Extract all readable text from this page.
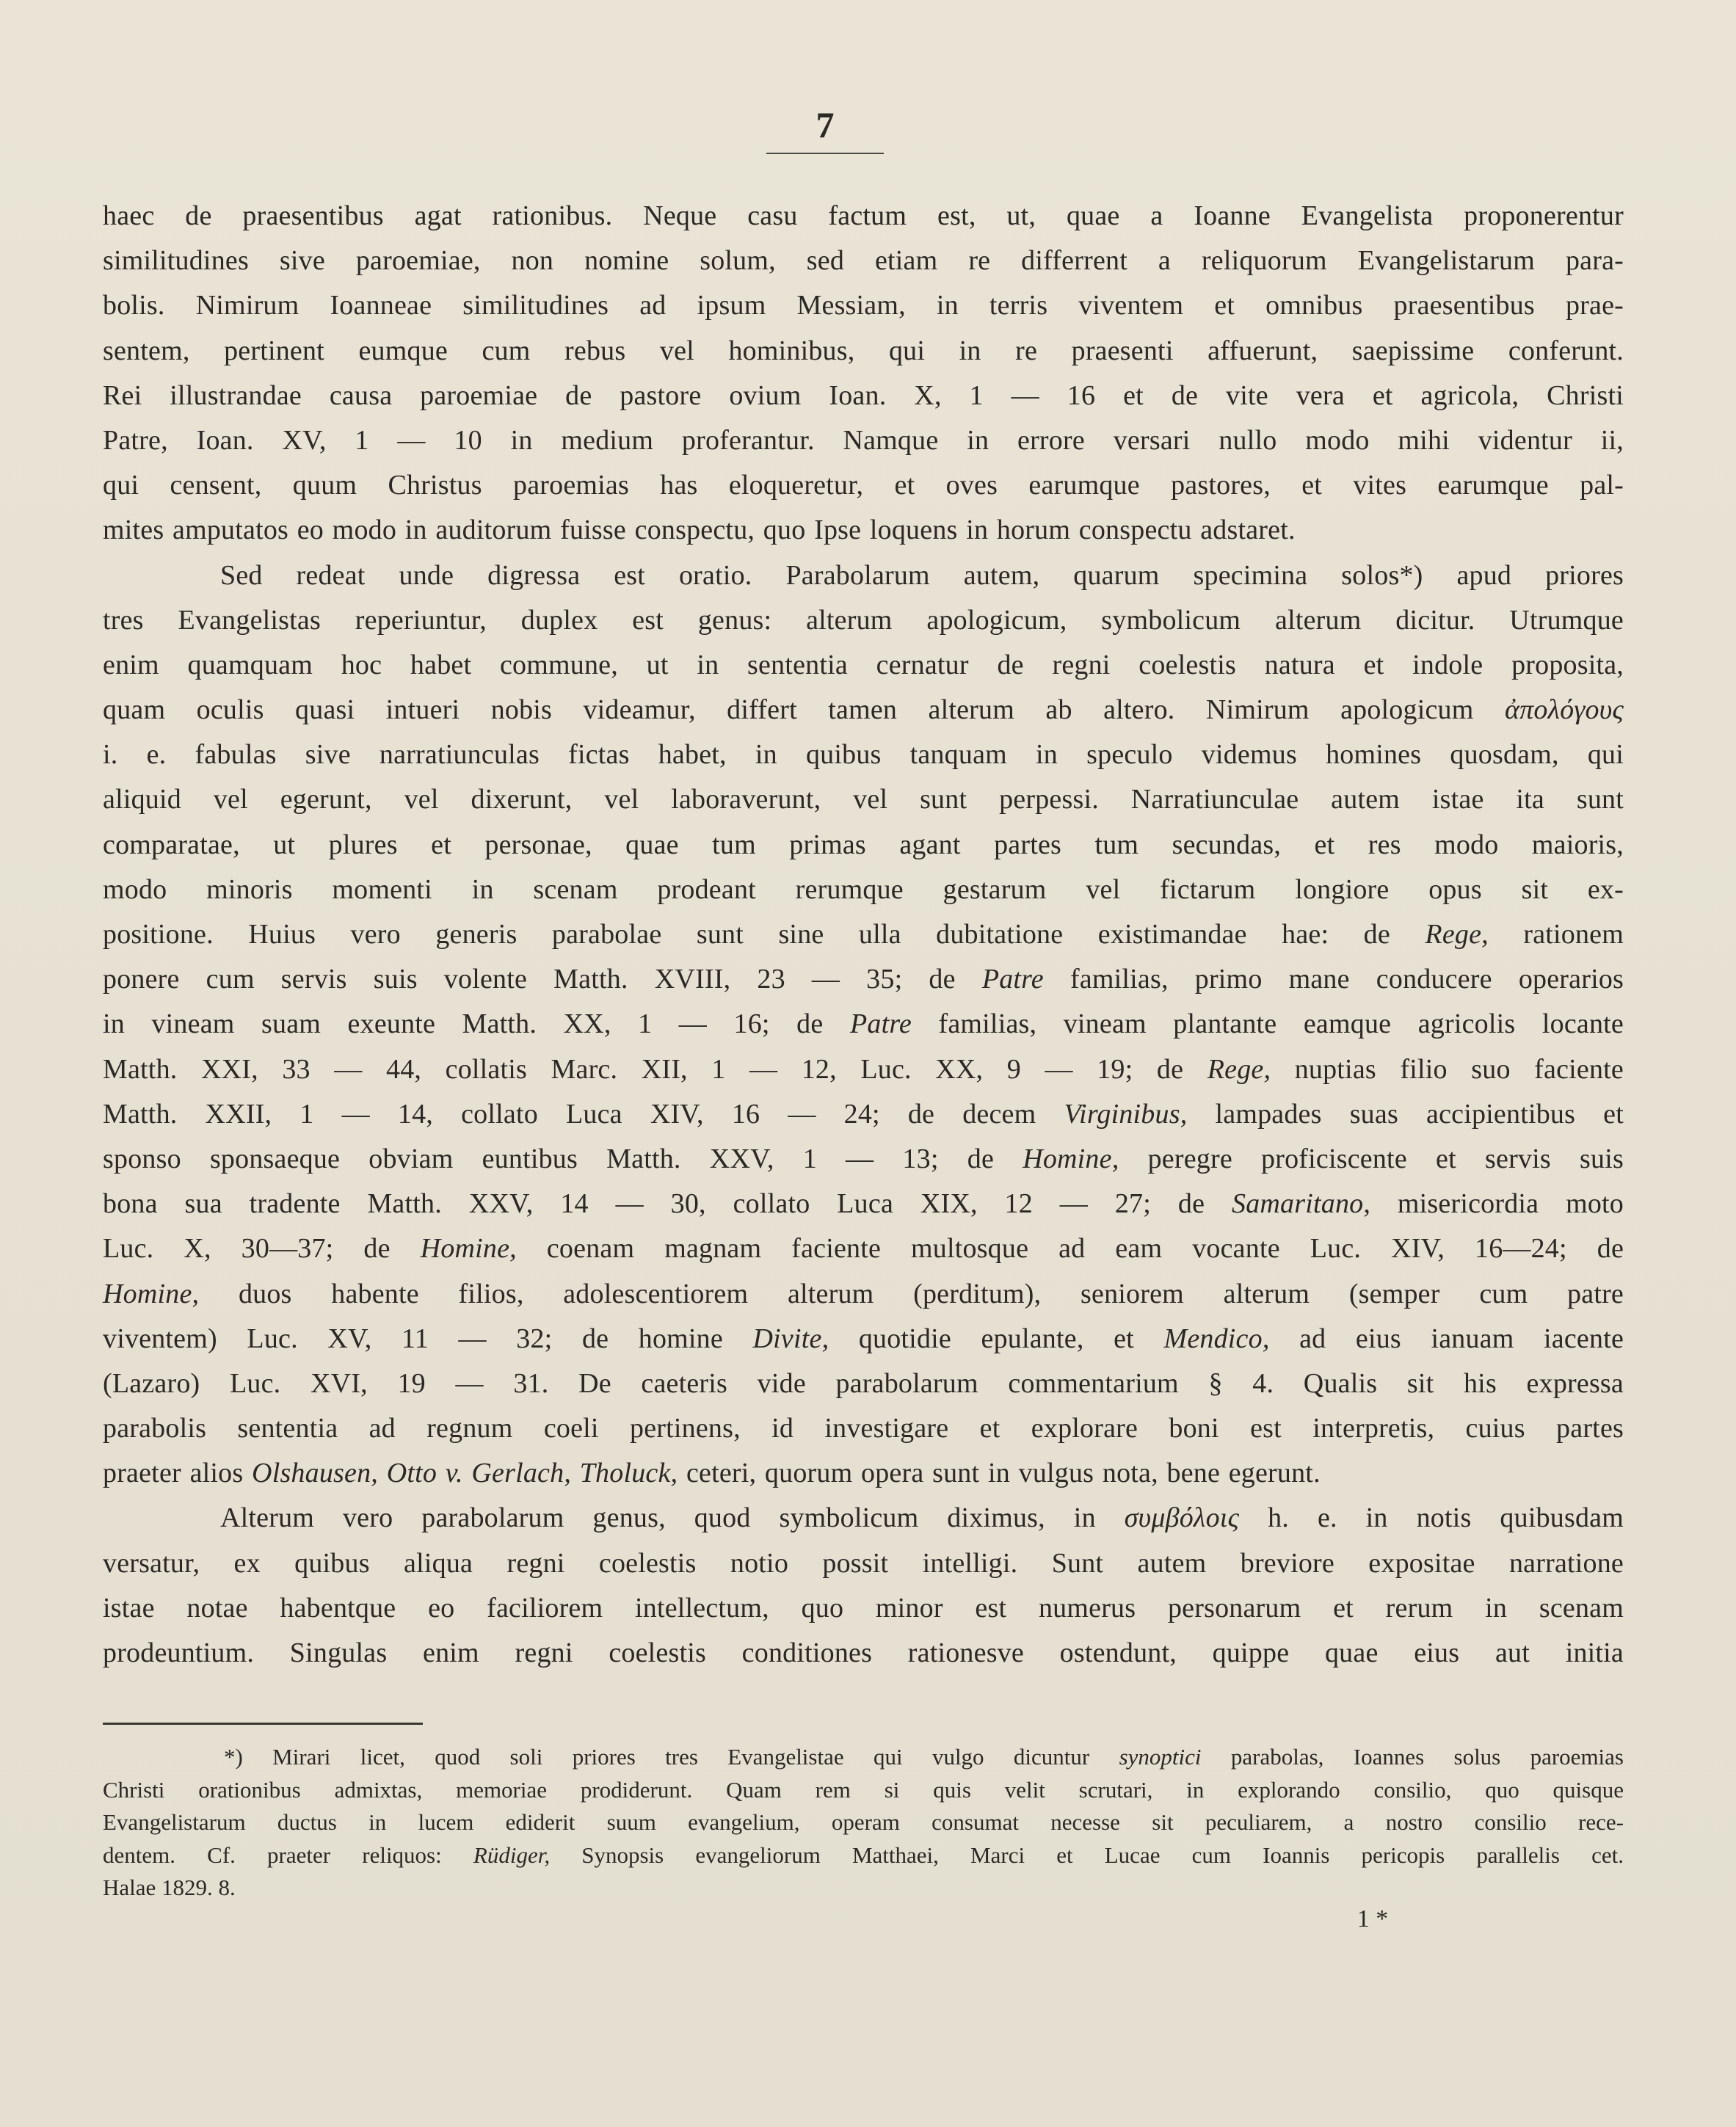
7
haec de praesentibus agat rationibus. Neque casu factum est, ut, quae a Ioanne Evangelista proponerentur
similitudines sive paroemiae, non nomine solum, sed etiam re differrent a reliquorum Evangelistarum para-
bolis. Nimirum Ioanneae similitudines ad ipsum Messiam, in terris viventem et omnibus praesentibus prae-
sentem, pertinent eumque cum rebus vel hominibus, qui in re praesenti affuerunt, saepissime conferunt.
Rei illustrandae causa paroemiae de pastore ovium Ioan. X, 1 — 16 et de vite vera et agricola, Christi
Patre, Ioan. XV, 1 — 10 in medium proferantur. Namque in errore versari nullo modo mihi videntur ii,
qui censent, quum Christus paroemias has eloqueretur, et oves earumque pastores, et vites earumque pal-
mites amputatos eo modo in auditorum fuisse conspectu, quo Ipse loquens in horum conspectu adstaret.
Sed redeat unde digressa est oratio. Parabolarum autem, quarum specimina solos*) apud priores
tres Evangelistas reperiuntur, duplex est genus: alterum apologicum, symbolicum alterum dicitur. Utrumque
enim quamquam hoc habet commune, ut in sententia cernatur de regni coelestis natura et indole proposita,
quam oculis quasi intueri nobis videamur, differt tamen alterum ab altero. Nimirum apologicum ἀπολόγους
i. e. fabulas sive narratiunculas fictas habet, in quibus tanquam in speculo videmus homines quosdam, qui
aliquid vel egerunt, vel dixerunt, vel laboraverunt, vel sunt perpessi. Narratiunculae autem istae ita sunt
comparatae, ut plures et personae, quae tum primas agant partes tum secundas, et res modo maioris,
modo minoris momenti in scenam prodeant rerumque gestarum vel fictarum longiore opus sit ex-
positione. Huius vero generis parabolae sunt sine ulla dubitatione existimandae hae: de Rege, rationem
ponere cum servis suis volente Matth. XVIII, 23 — 35; de Patre familias, primo mane conducere operarios
in vineam suam exeunte Matth. XX, 1 — 16; de Patre familias, vineam plantante eamque agricolis locante
Matth. XXI, 33 — 44, collatis Marc. XII, 1 — 12, Luc. XX, 9 — 19; de Rege, nuptias filio suo faciente
Matth. XXII, 1 — 14, collato Luca XIV, 16 — 24; de decem Virginibus, lampades suas accipientibus et
sponso sponsaeque obviam euntibus Matth. XXV, 1 — 13; de Homine, peregre proficiscente et servis suis
bona sua tradente Matth. XXV, 14 — 30, collato Luca XIX, 12 — 27; de Samaritano, misericordia moto
Luc. X, 30—37; de Homine, coenam magnam faciente multosque ad eam vocante Luc. XIV, 16—24; de
Homine, duos habente filios, adolescentiorem alterum (perditum), seniorem alterum (semper cum patre
viventem) Luc. XV, 11 — 32; de homine Divite, quotidie epulante, et Mendico, ad eius ianuam iacente
(Lazaro) Luc. XVI, 19 — 31. De caeteris vide parabolarum commentarium § 4. Qualis sit his expressa
parabolis sententia ad regnum coeli pertinens, id investigare et explorare boni est interpretis, cuius partes
praeter alios Olshausen, Otto v. Gerlach, Tholuck, ceteri, quorum opera sunt in vulgus nota, bene egerunt.
Alterum vero parabolarum genus, quod symbolicum diximus, in συμβόλοις h. e. in notis quibusdam
versatur, ex quibus aliqua regni coelestis notio possit intelligi. Sunt autem breviore expositae narratione
istae notae habentque eo faciliorem intellectum, quo minor est numerus personarum et rerum in scenam
prodeuntium. Singulas enim regni coelestis conditiones rationesve ostendunt, quippe quae eius aut initia
*) Mirari licet, quod soli priores tres Evangelistae qui vulgo dicuntur synoptici parabolas, Ioannes solus paroemias
Christi orationibus admixtas, memoriae prodiderunt. Quam rem si quis velit scrutari, in explorando consilio, quo quisque
Evangelistarum ductus in lucem ediderit suum evangelium, operam consumat necesse sit peculiarem, a nostro consilio rece-
dentem. Cf. praeter reliquos: Rüdiger, Synopsis evangeliorum Matthaei, Marci et Lucae cum Ioannis pericopis parallelis cet.
Halae 1829. 8.
1 *
